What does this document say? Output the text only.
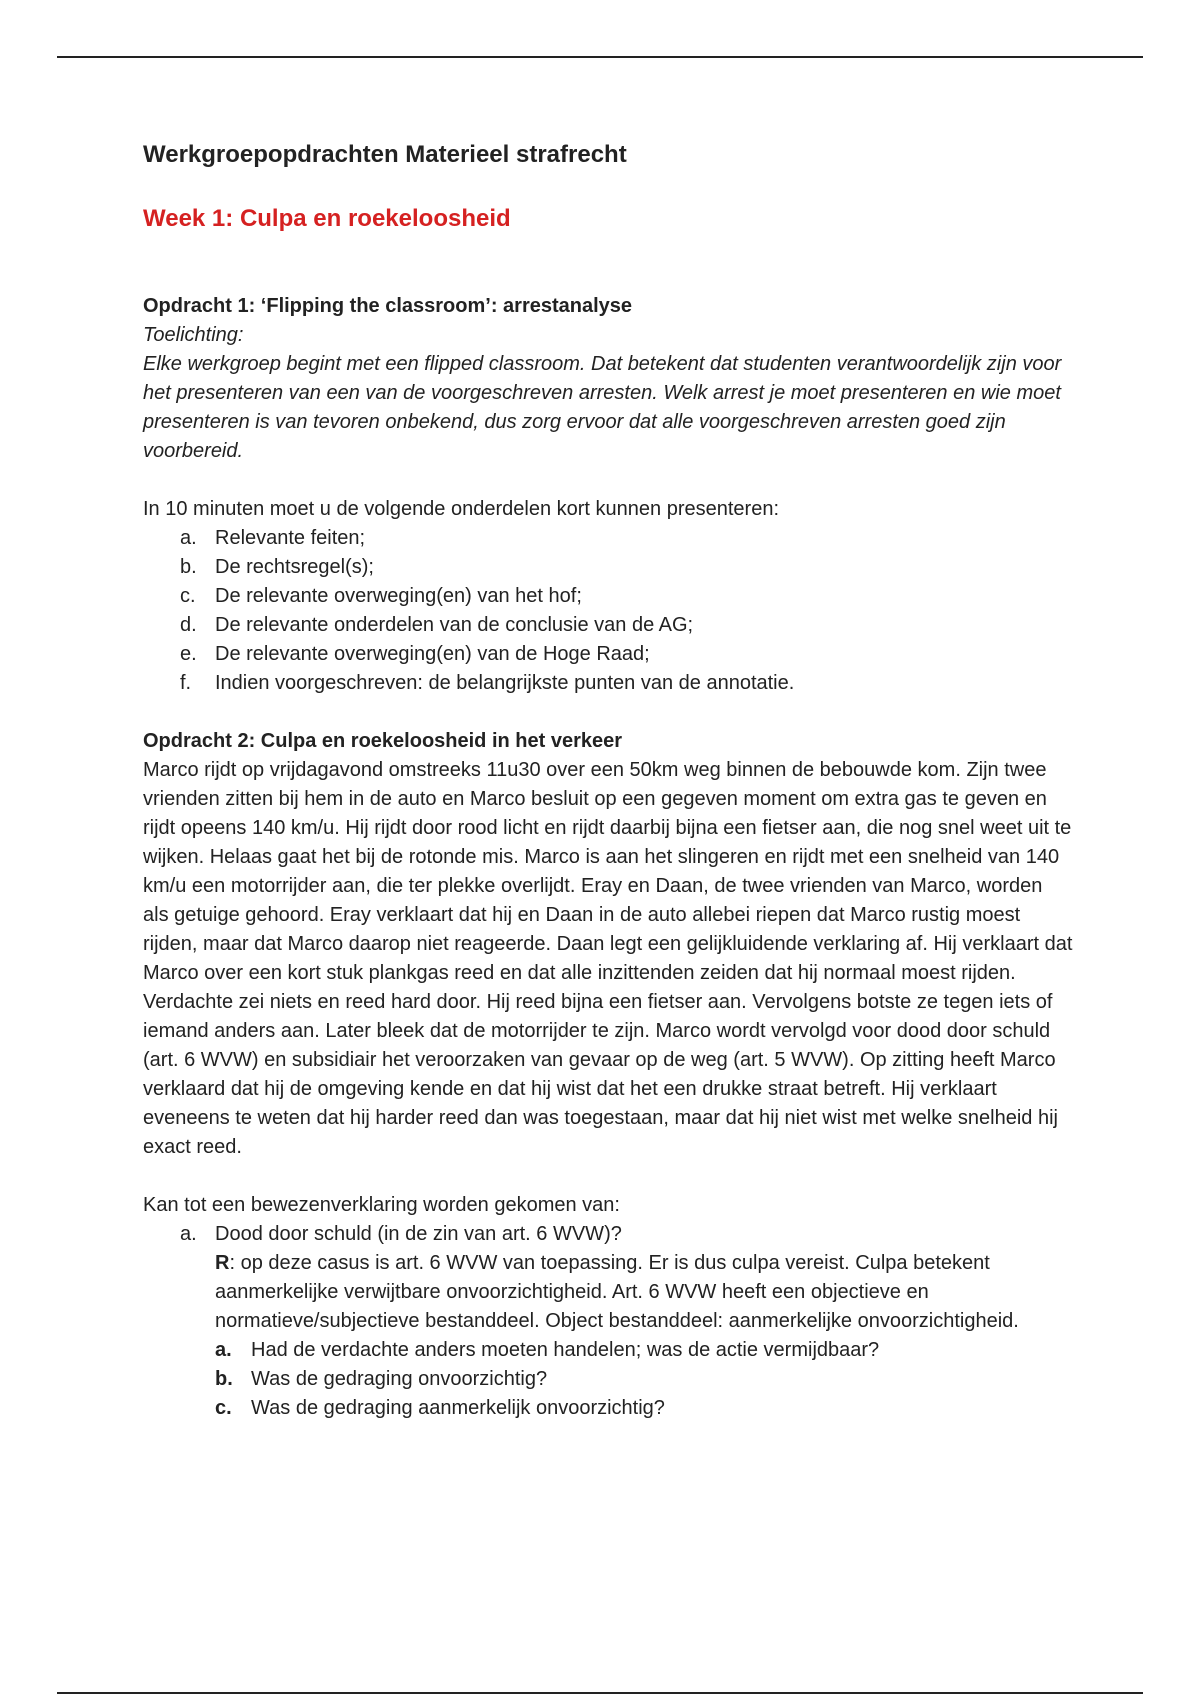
Werkgroepopdrachten Materieel strafrecht
Week 1: Culpa en roekeloosheid
Opdracht 1: ‘Flipping the classroom’: arrestanalyse

Toelichting:

Elke werkgroep begint met een flipped classroom. Dat betekent dat studenten verantwoordelijk zijn voor het presenteren van een van de voorgeschreven arresten. Welk arrest je moet presenteren en wie moet presenteren is van tevoren onbekend, dus zorg ervoor dat alle voorgeschreven arresten goed zijn voorbereid.

In 10 minuten moet u de volgende onderdelen kort kunnen presenteren:

a. Relevante feiten;
b. De rechtsregel(s);
c. De relevante overweging(en) van het hof;
d. De relevante onderdelen van de conclusie van de AG;
e. De relevante overweging(en) van de Hoge Raad;
f. Indien voorgeschreven: de belangrijkste punten van de annotatie.
Opdracht 2: Culpa en roekeloosheid in het verkeer

Marco rijdt op vrijdagavond omstreeks 11u30 over een 50km weg binnen de bebouwde kom. Zijn twee vrienden zitten bij hem in de auto en Marco besluit op een gegeven moment om extra gas te geven en rijdt opeens 140 km/u. Hij rijdt door rood licht en rijdt daarbij bijna een fietser aan, die nog snel weet uit te wijken. Helaas gaat het bij de rotonde mis. Marco is aan het slingeren en rijdt met een snelheid van 140 km/u een motorrijder aan, die ter plekke overlijdt. Eray en Daan, de twee vrienden van Marco, worden als getuige gehoord. Eray verklaart dat hij en Daan in de auto allebei riepen dat Marco rustig moest rijden, maar dat Marco daarop niet reageerde. Daan legt een gelijkluidende verklaring af. Hij verklaart dat Marco over een kort stuk plankgas reed en dat alle inzittenden zeiden dat hij normaal moest rijden. Verdachte zei niets en reed hard door. Hij reed bijna een fietser aan. Vervolgens botste ze tegen iets of iemand anders aan. Later bleek dat de motorrijder te zijn. Marco wordt vervolgd voor dood door schuld (art. 6 WVW) en subsidiair het veroorzaken van gevaar op de weg (art. 5 WVW). Op zitting heeft Marco verklaard dat hij de omgeving kende en dat hij wist dat het een drukke straat betreft. Hij verklaart eveneens te weten dat hij harder reed dan was toegestaan, maar dat hij niet wist met welke snelheid hij exact reed.

Kan tot een bewezenverklaring worden gekomen van:

a. Dood door schuld (in de zin van art. 6 WVW)?

R: op deze casus is art. 6 WVW van toepassing. Er is dus culpa vereist. Culpa betekent aanmerkelijke verwijtbare onvoorzichtigheid. Art. 6 WVW heeft een objectieve en normatieve/subjectieve bestanddeel. Object bestanddeel: aanmerkelijke onvoorzichtigheid.

a. Had de verdachte anders moeten handelen; was de actie vermijdbaar?
b. Was de gedraging onvoorzichtig?
c. Was de gedraging aanmerkelijk onvoorzichtig?
